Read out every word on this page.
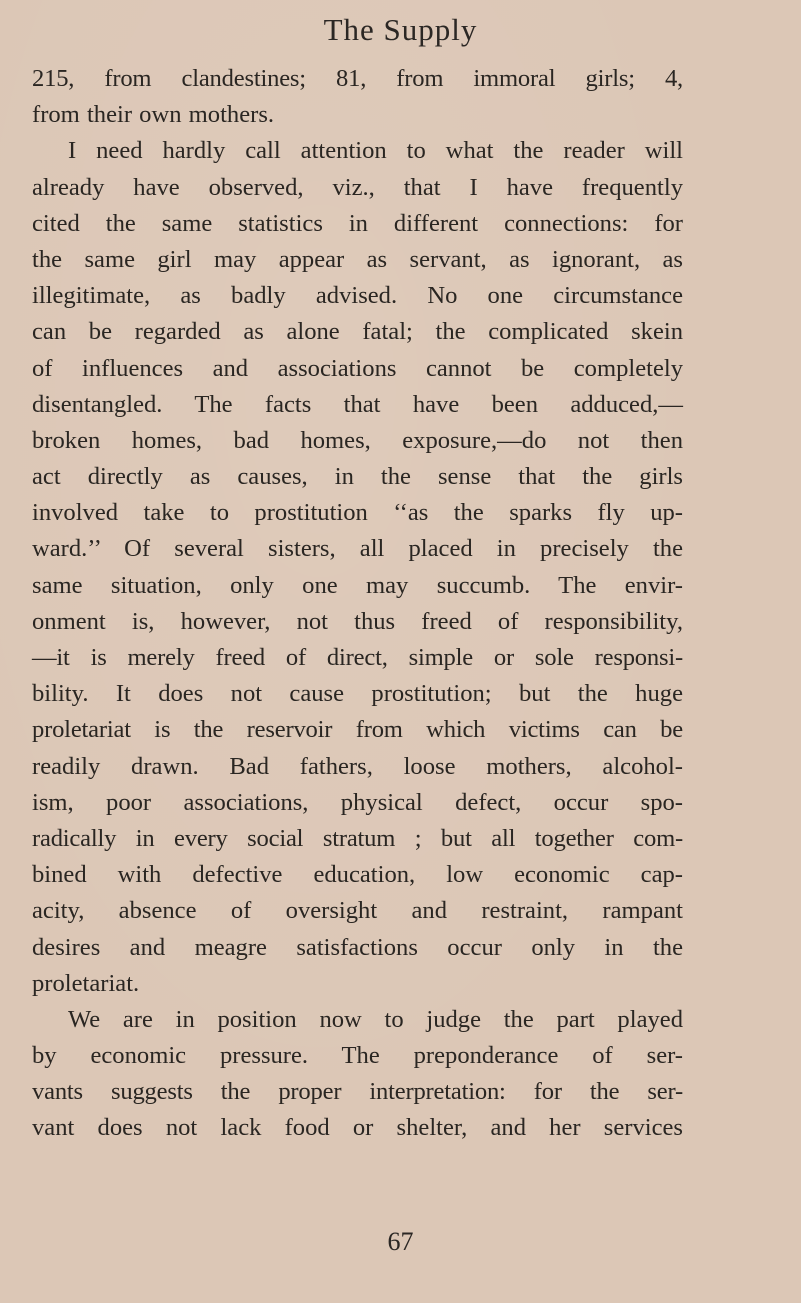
The Supply
215, from clandestines; 81, from immoral girls; 4,
from their own mothers.
I need hardly call attention to what the reader will
already have observed, viz., that I have frequently
cited the same statistics in different connections: for
the same girl may appear as servant, as ignorant, as
illegitimate, as badly advised. No one circumstance
can be regarded as alone fatal; the complicated skein
of influences and associations cannot be completely
disentangled. The facts that have been adduced,—
broken homes, bad homes, exposure,—do not then
act directly as causes, in the sense that the girls
involved take to prostitution ‘‘as the sparks fly up-
ward.’’ Of several sisters, all placed in precisely the
same situation, only one may succumb. The envir-
onment is, however, not thus freed of responsibility,
—it is merely freed of direct, simple or sole responsi-
bility. It does not cause prostitution; but the huge
proletariat is the reservoir from which victims can be
readily drawn. Bad fathers, loose mothers, alcohol-
ism, poor associations, physical defect, occur spo-
radically in every social stratum ; but all together com-
bined with defective education, low economic cap-
acity, absence of oversight and restraint, rampant
desires and meagre satisfactions occur only in the
proletariat.
We are in position now to judge the part played
by economic pressure. The preponderance of ser-
vants suggests the proper interpretation: for the ser-
vant does not lack food or shelter, and her services
67
